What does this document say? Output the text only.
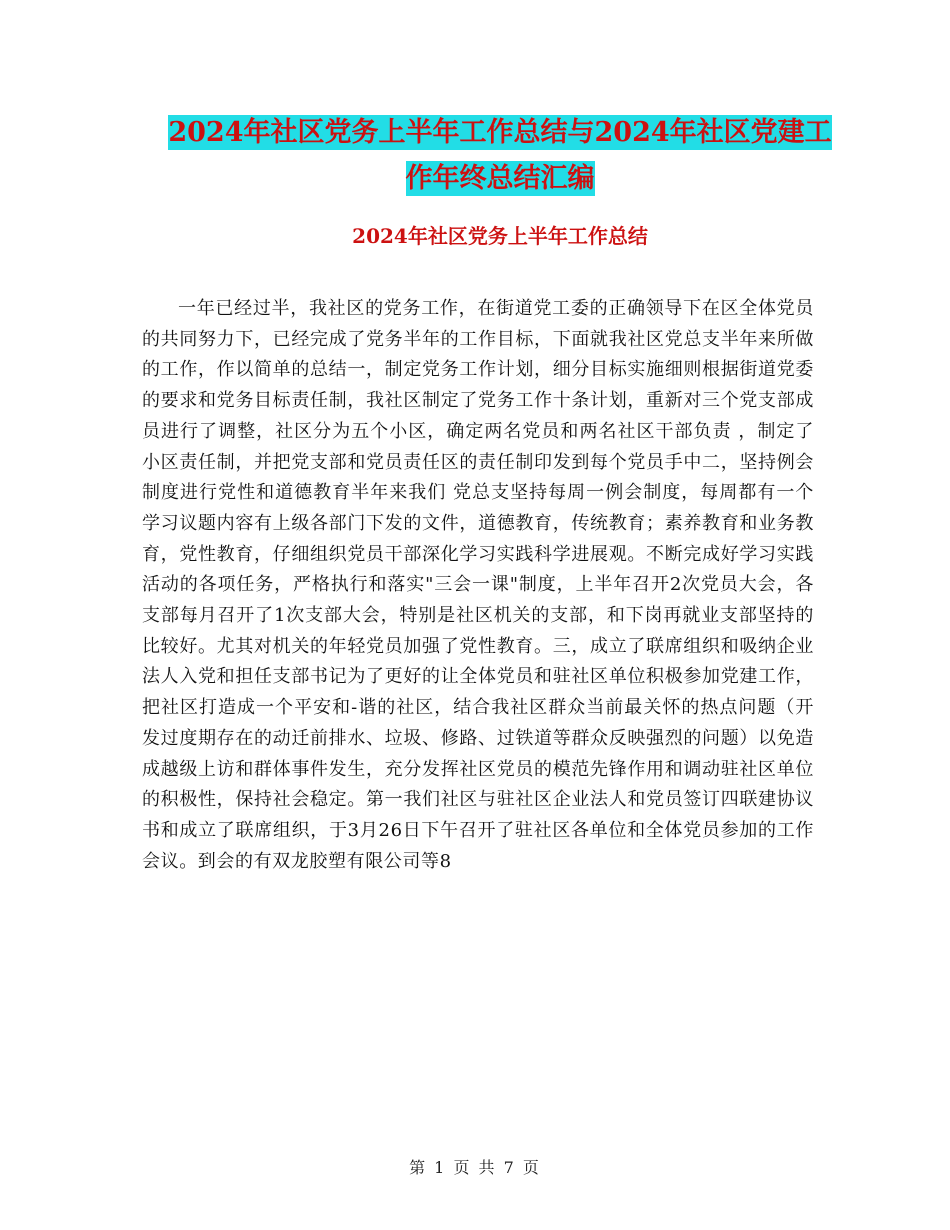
2024年社区党务上半年工作总结与2024年社区党建工
作年终总结汇编
2024年社区党务上半年工作总结

一年已经过半，我社区的党务工作，在街道党工委的正确领导下在区全体党员的共同努力下，已经完成了党务半年的工作目标，下面就我社区党总支半年来所做的工作，作以简单的总结一，制定党务工作计划，细分目标实施细则根据街道党委的要求和党务目标责任制，我社区制定了党务工作十条计划，重新对三个党支部成员进行了调整，社区分为五个小区，确定两名党员和两名社区干部负责 ，制定了小区责任制，并把党支部和党员责任区的责任制印发到每个党员手中二，坚持例会制度进行党性和道德教育半年来我们 党总支坚持每周一例会制度，每周都有一个学习议题内容有上级各部门下发的文件，道德教育，传统教育；素养教育和业务教育，党性教育，仔细组织党员干部深化学习实践科学进展观。不断完成好学习实践活动的各项任务，严格执行和落实"三会一课"制度，上半年召开2次党员大会，各支部每月召开了1次支部大会，特别是社区机关的支部，和下岗再就业支部坚持的比较好。尤其对机关的年轻党员加强了党性教育。三，成立了联席组织和吸纳企业法人入党和担任支部书记为了更好的让全体党员和驻社区单位积极参加党建工作，把社区打造成一个平安和-谐的社区，结合我社区群众当前最关怀的热点问题（开发过度期存在的动迁前排水、垃圾、修路、过铁道等群众反映强烈的问题）以免造成越级上访和群体事件发生，充分发挥社区党员的模范先锋作用和调动驻社区单位的积极性，保持社会稳定。第一我们社区与驻社区企业法人和党员签订四联建协议书和成立了联席组织，于3月26日下午召开了驻社区各单位和全体党员参加的工作会议。到会的有双龙胶塑有限公司等8

第 1 页 共 7 页
